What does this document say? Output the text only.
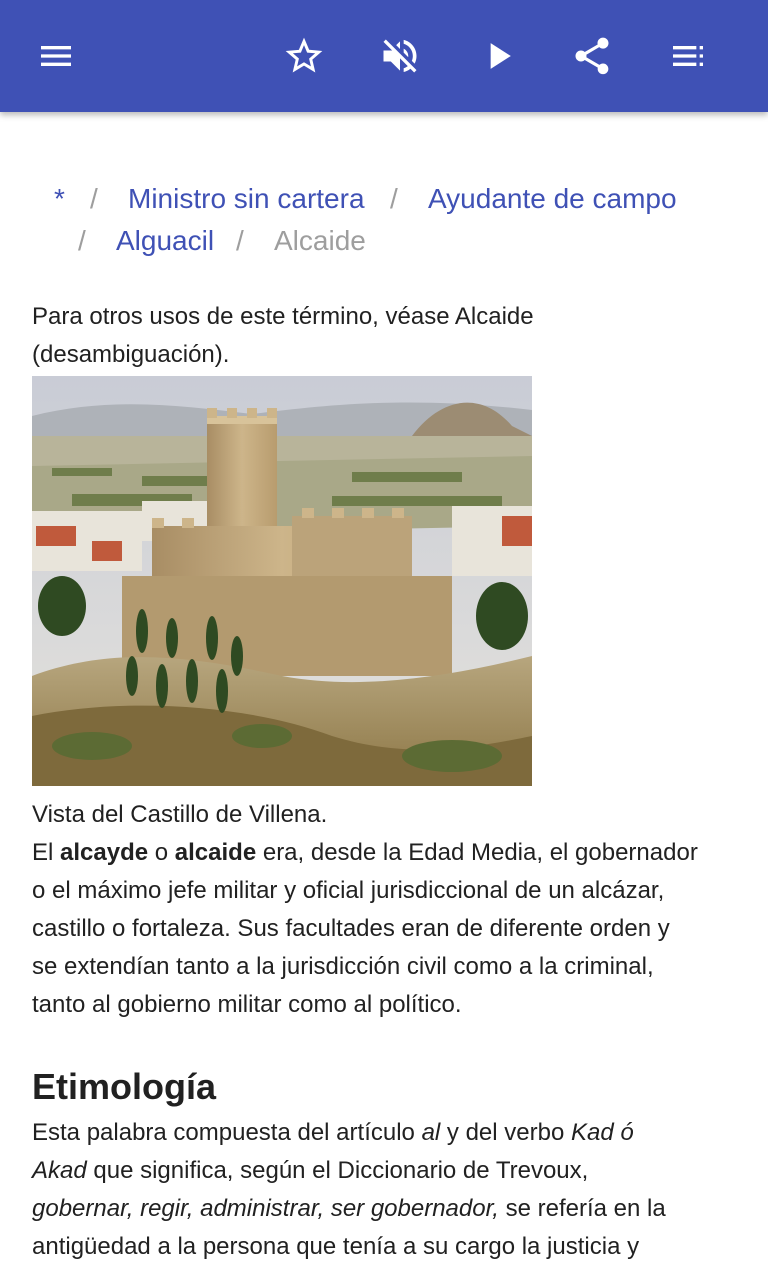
* / Ministro sin cartera / Ayudante de campo
/ Alguacil / Alcaide
Para otros usos de este término, véase Alcaide
(desambiguación).
Vista del Castillo de Villena.
El alcayde o alcaide era, desde la Edad Media, el gobernador
o el máximo jefe militar y oficial jurisdiccional de un alcázar,
castillo o fortaleza. Sus facultades eran de diferente orden y
se extendían tanto a la jurisdicción civil como a la criminal,
tanto al gobierno militar como al político.
Etimología
Esta palabra compuesta del artículo al y del verbo Kad ó
Akad que significa, según el Diccionario de Trevoux,
gobernar, regir, administrar, ser gobernador, se refería en la
antigüedad a la persona que tenía a su cargo la justicia y
